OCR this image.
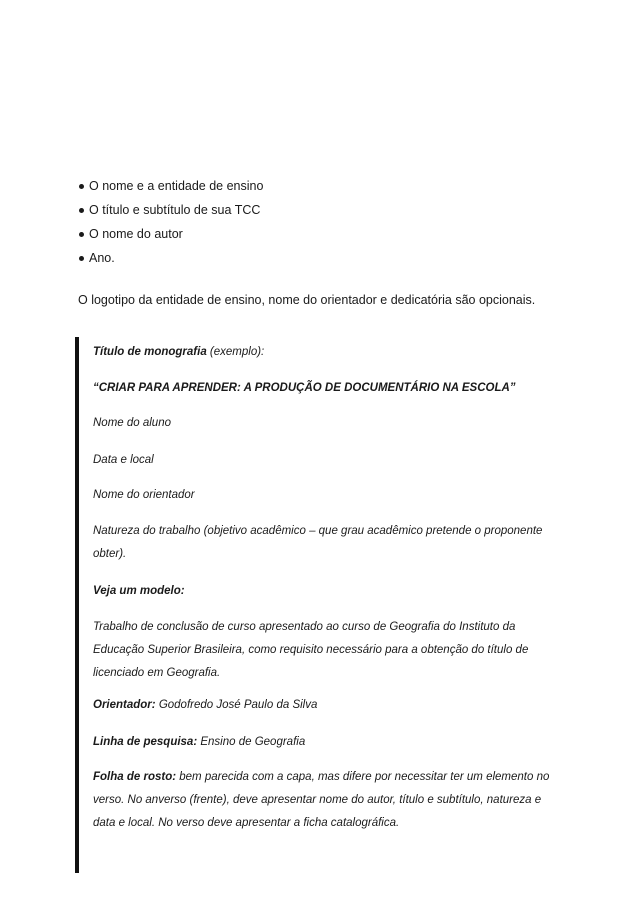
O nome e a entidade de ensino
O título e subtítulo de sua TCC
O nome do autor
Ano.

O logotipo da entidade de ensino, nome do orientador e dedicatória são opcionais.

Título de monografia (exemplo):

“CRIAR PARA APRENDER: A PRODUÇÃO DE DOCUMENTÁRIO NA ESCOLA”

Nome do aluno

Data e local

Nome do orientador

Natureza do trabalho (objetivo acadêmico – que grau acadêmico pretende o proponente
obter).

Veja um modelo:

Trabalho de conclusão de curso apresentado ao curso de Geografia do Instituto da
Educação Superior Brasileira, como requisito necessário para a obtenção do título de
licenciado em Geografia.

Orientador: Godofredo José Paulo da Silva

Linha de pesquisa: Ensino de Geografia

Folha de rosto: bem parecida com a capa, mas difere por necessitar ter um elemento no
verso. No anverso (frente), deve apresentar nome do autor, título e subtítulo, natureza e
data e local. No verso deve apresentar a ficha catalográfica.
